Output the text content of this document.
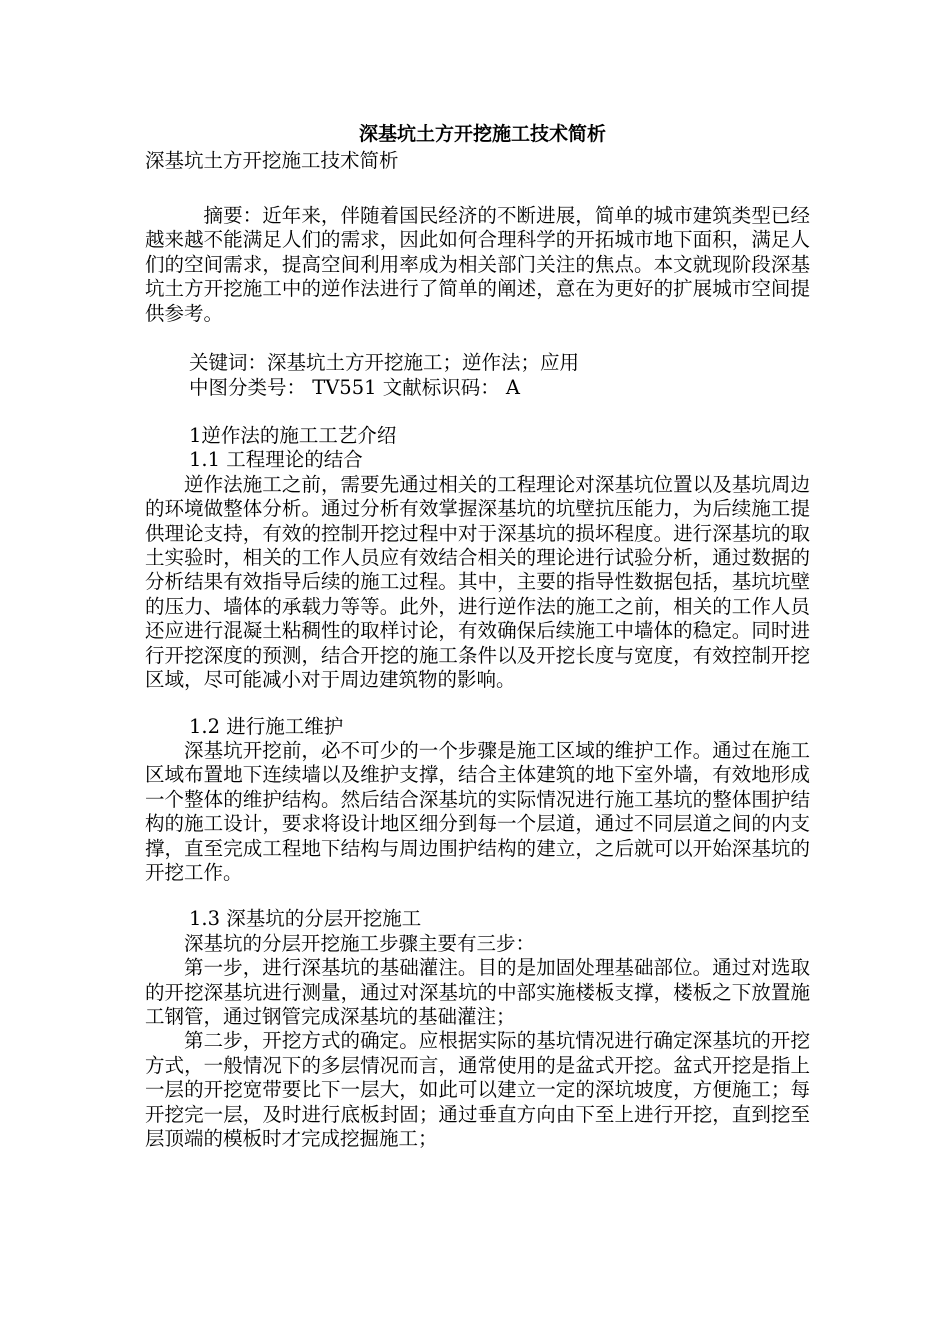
深基坑土方开挖施工技术简析

深基坑土方开挖施工技术简析

摘要：近年来，伴随着国民经济的不断进展，简单的城市建筑类型已经越来越不能满足人们的需求，因此如何合理科学的开拓城市地下面积，满足人们的空间需求，提高空间利用率成为相关部门关注的焦点。本文就现阶段深基坑土方开挖施工中的逆作法进行了简单的阐述，意在为更好的扩展城市空间提供参考。

关键词：深基坑土方开挖施工；逆作法；应用

中图分类号： TV551 文献标识码： A

1逆作法的施工工艺介绍

1.1 工程理论的结合

逆作法施工之前，需要先通过相关的工程理论对深基坑位置以及基坑周边的环境做整体分析。通过分析有效掌握深基坑的坑壁抗压能力，为后续施工提供理论支持，有效的控制开挖过程中对于深基坑的损坏程度。进行深基坑的取土实验时，相关的工作人员应有效结合相关的理论进行试验分析，通过数据的分析结果有效指导后续的施工过程。其中，主要的指导性数据包括，基坑坑壁的压力、墙体的承载力等等。此外，进行逆作法的施工之前，相关的工作人员还应进行混凝土粘稠性的取样讨论，有效确保后续施工中墙体的稳定。同时进行开挖深度的预测，结合开挖的施工条件以及开挖长度与宽度，有效控制开挖区域，尽可能减小对于周边建筑物的影响。

1.2 进行施工维护

深基坑开挖前，必不可少的一个步骤是施工区域的维护工作。通过在施工区域布置地下连续墙以及维护支撑，结合主体建筑的地下室外墙，有效地形成一个整体的维护结构。然后结合深基坑的实际情况进行施工基坑的整体围护结构的施工设计，要求将设计地区细分到每一个层道，通过不同层道之间的内支撑，直至完成工程地下结构与周边围护结构的建立，之后就可以开始深基坑的开挖工作。

1.3 深基坑的分层开挖施工

深基坑的分层开挖施工步骤主要有三步：

第一步，进行深基坑的基础灌注。目的是加固处理基础部位。通过对选取的开挖深基坑进行测量，通过对深基坑的中部实施楼板支撑，楼板之下放置施工钢管，通过钢管完成深基坑的基础灌注；

第二步，开挖方式的确定。应根据实际的基坑情况进行确定深基坑的开挖方式，一般情况下的多层情况而言，通常使用的是盆式开挖。盆式开挖是指上一层的开挖宽带要比下一层大，如此可以建立一定的深坑坡度，方便施工；每开挖完一层，及时进行底板封固；通过垂直方向由下至上进行开挖，直到挖至层顶端的模板时才完成挖掘施工；
